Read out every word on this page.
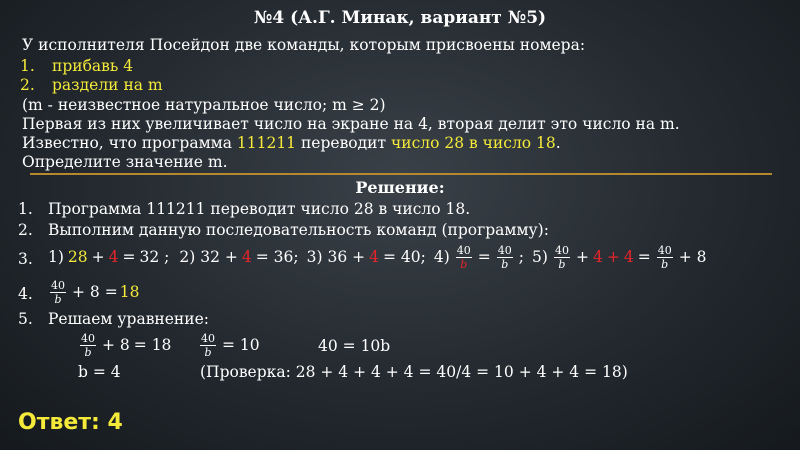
№4 (А.Г. Минак, вариант №5)
У исполнителя Посейдон две команды, которым присвоены номера:
1. прибавь 4
2. раздели на m
(m - неизвестное натуральное число; m ≥ 2)
Первая из них увеличивает число на экране на 4, вторая делит это число на m.
Известно, что программа 111211 переводит число 28 в число 18.
Определите значение m.
Решение:
1. Программа 111211 переводит число 28 в число 18.
2. Выполним данную последовательность команд (программу):
3. 1) 28 + 4 = 32 ; 2) 32 + 4 = 36; 3) 36 + 4 = 40; $4) \frac{40}{b} = \frac{40}{b}$ ; $5) \frac{40}{b} + 4 + 4 = \frac{40}{b} + 8$
4. $\frac{40}{b} + 8 = 18$
5. Решаем уравнение:
$\frac{40}{b} + 8 = 18$	$\frac{40}{b} = 10$	40 = 10b
b = 4	(Проверка: 28 + 4 + 4 + 4 = 40/4 = 10 + 4 + 4 = 18)
Ответ: 4
